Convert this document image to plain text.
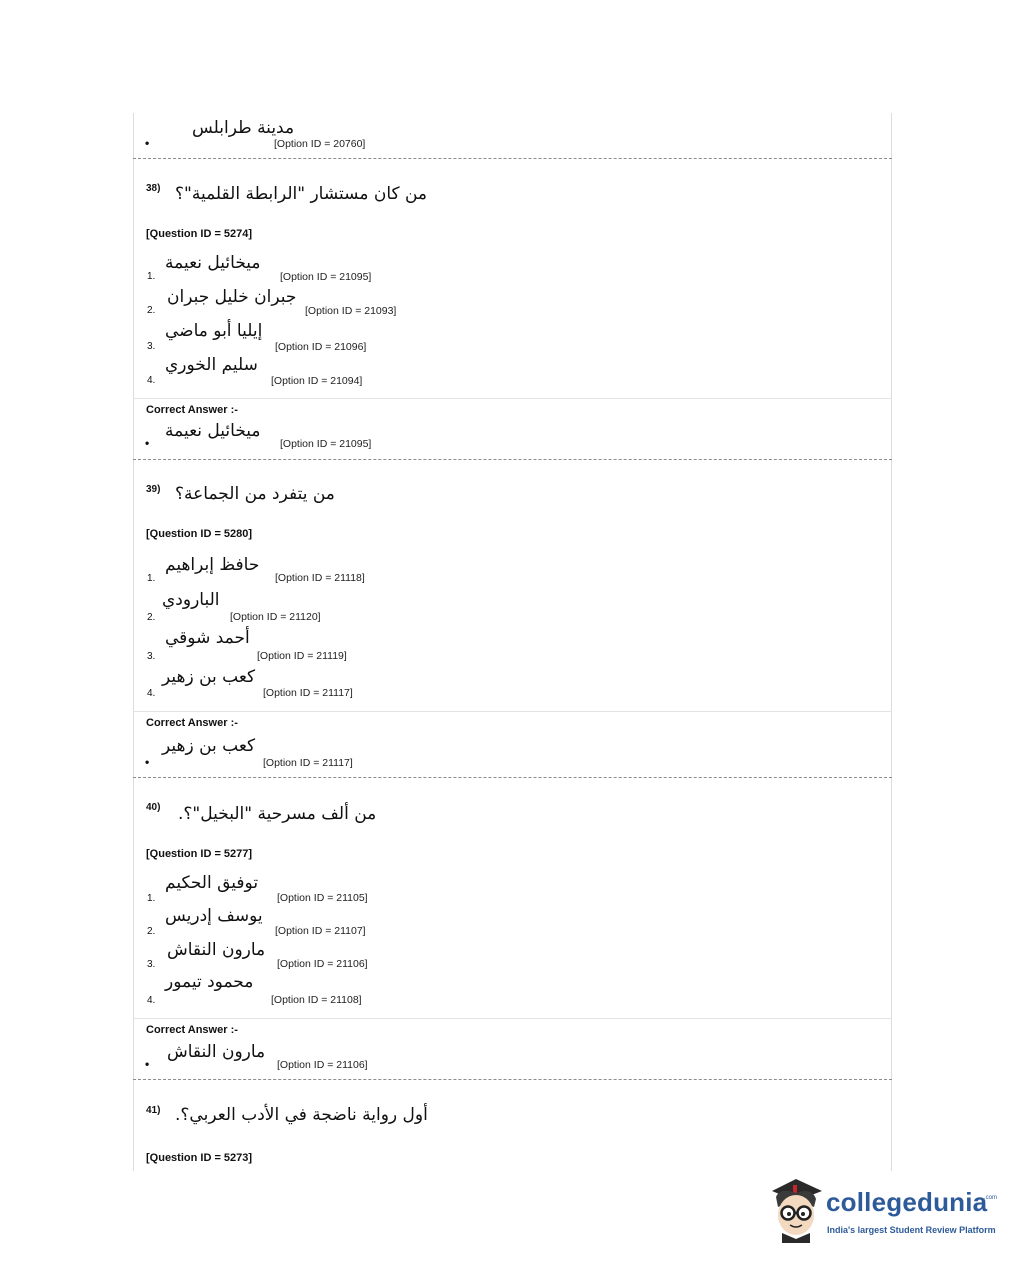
مدينة طرابلس
[Option ID = 20760]
•
38) من كان مستشار "الرابطة القلمية"؟
[Question ID = 5274]
1.
ميخائيل نعيمة
[Option ID = 21095]
2.
جبران خليل جبران
[Option ID = 21093]
3.
إيليا أبو ماضي
[Option ID = 21096]
4.
سليم الخوري
[Option ID = 21094]
Correct Answer :-
•
ميخائيل نعيمة
[Option ID = 21095]
39) من يتفرد من الجماعة؟
[Question ID = 5280]
1.
حافظ إبراهيم
[Option ID = 21118]
2.
البارودي
[Option ID = 21120]
3.
أحمد شوقي
[Option ID = 21119]
4.
كعب بن زهير
[Option ID = 21117]
Correct Answer :-
•
كعب بن زهير
[Option ID = 21117]
40) من ألف مسرحية "البخيل"؟.
[Question ID = 5277]
1.
توفيق الحكيم
[Option ID = 21105]
2.
يوسف إدريس
[Option ID = 21107]
3.
مارون النقاش
[Option ID = 21106]
4.
محمود تيمور
[Option ID = 21108]
Correct Answer :-
•
مارون النقاش
[Option ID = 21106]
41) أول رواية ناضجة في الأدب العربي؟.
[Question ID = 5273]
collegedunia
.com
India's largest Student Review Platform
